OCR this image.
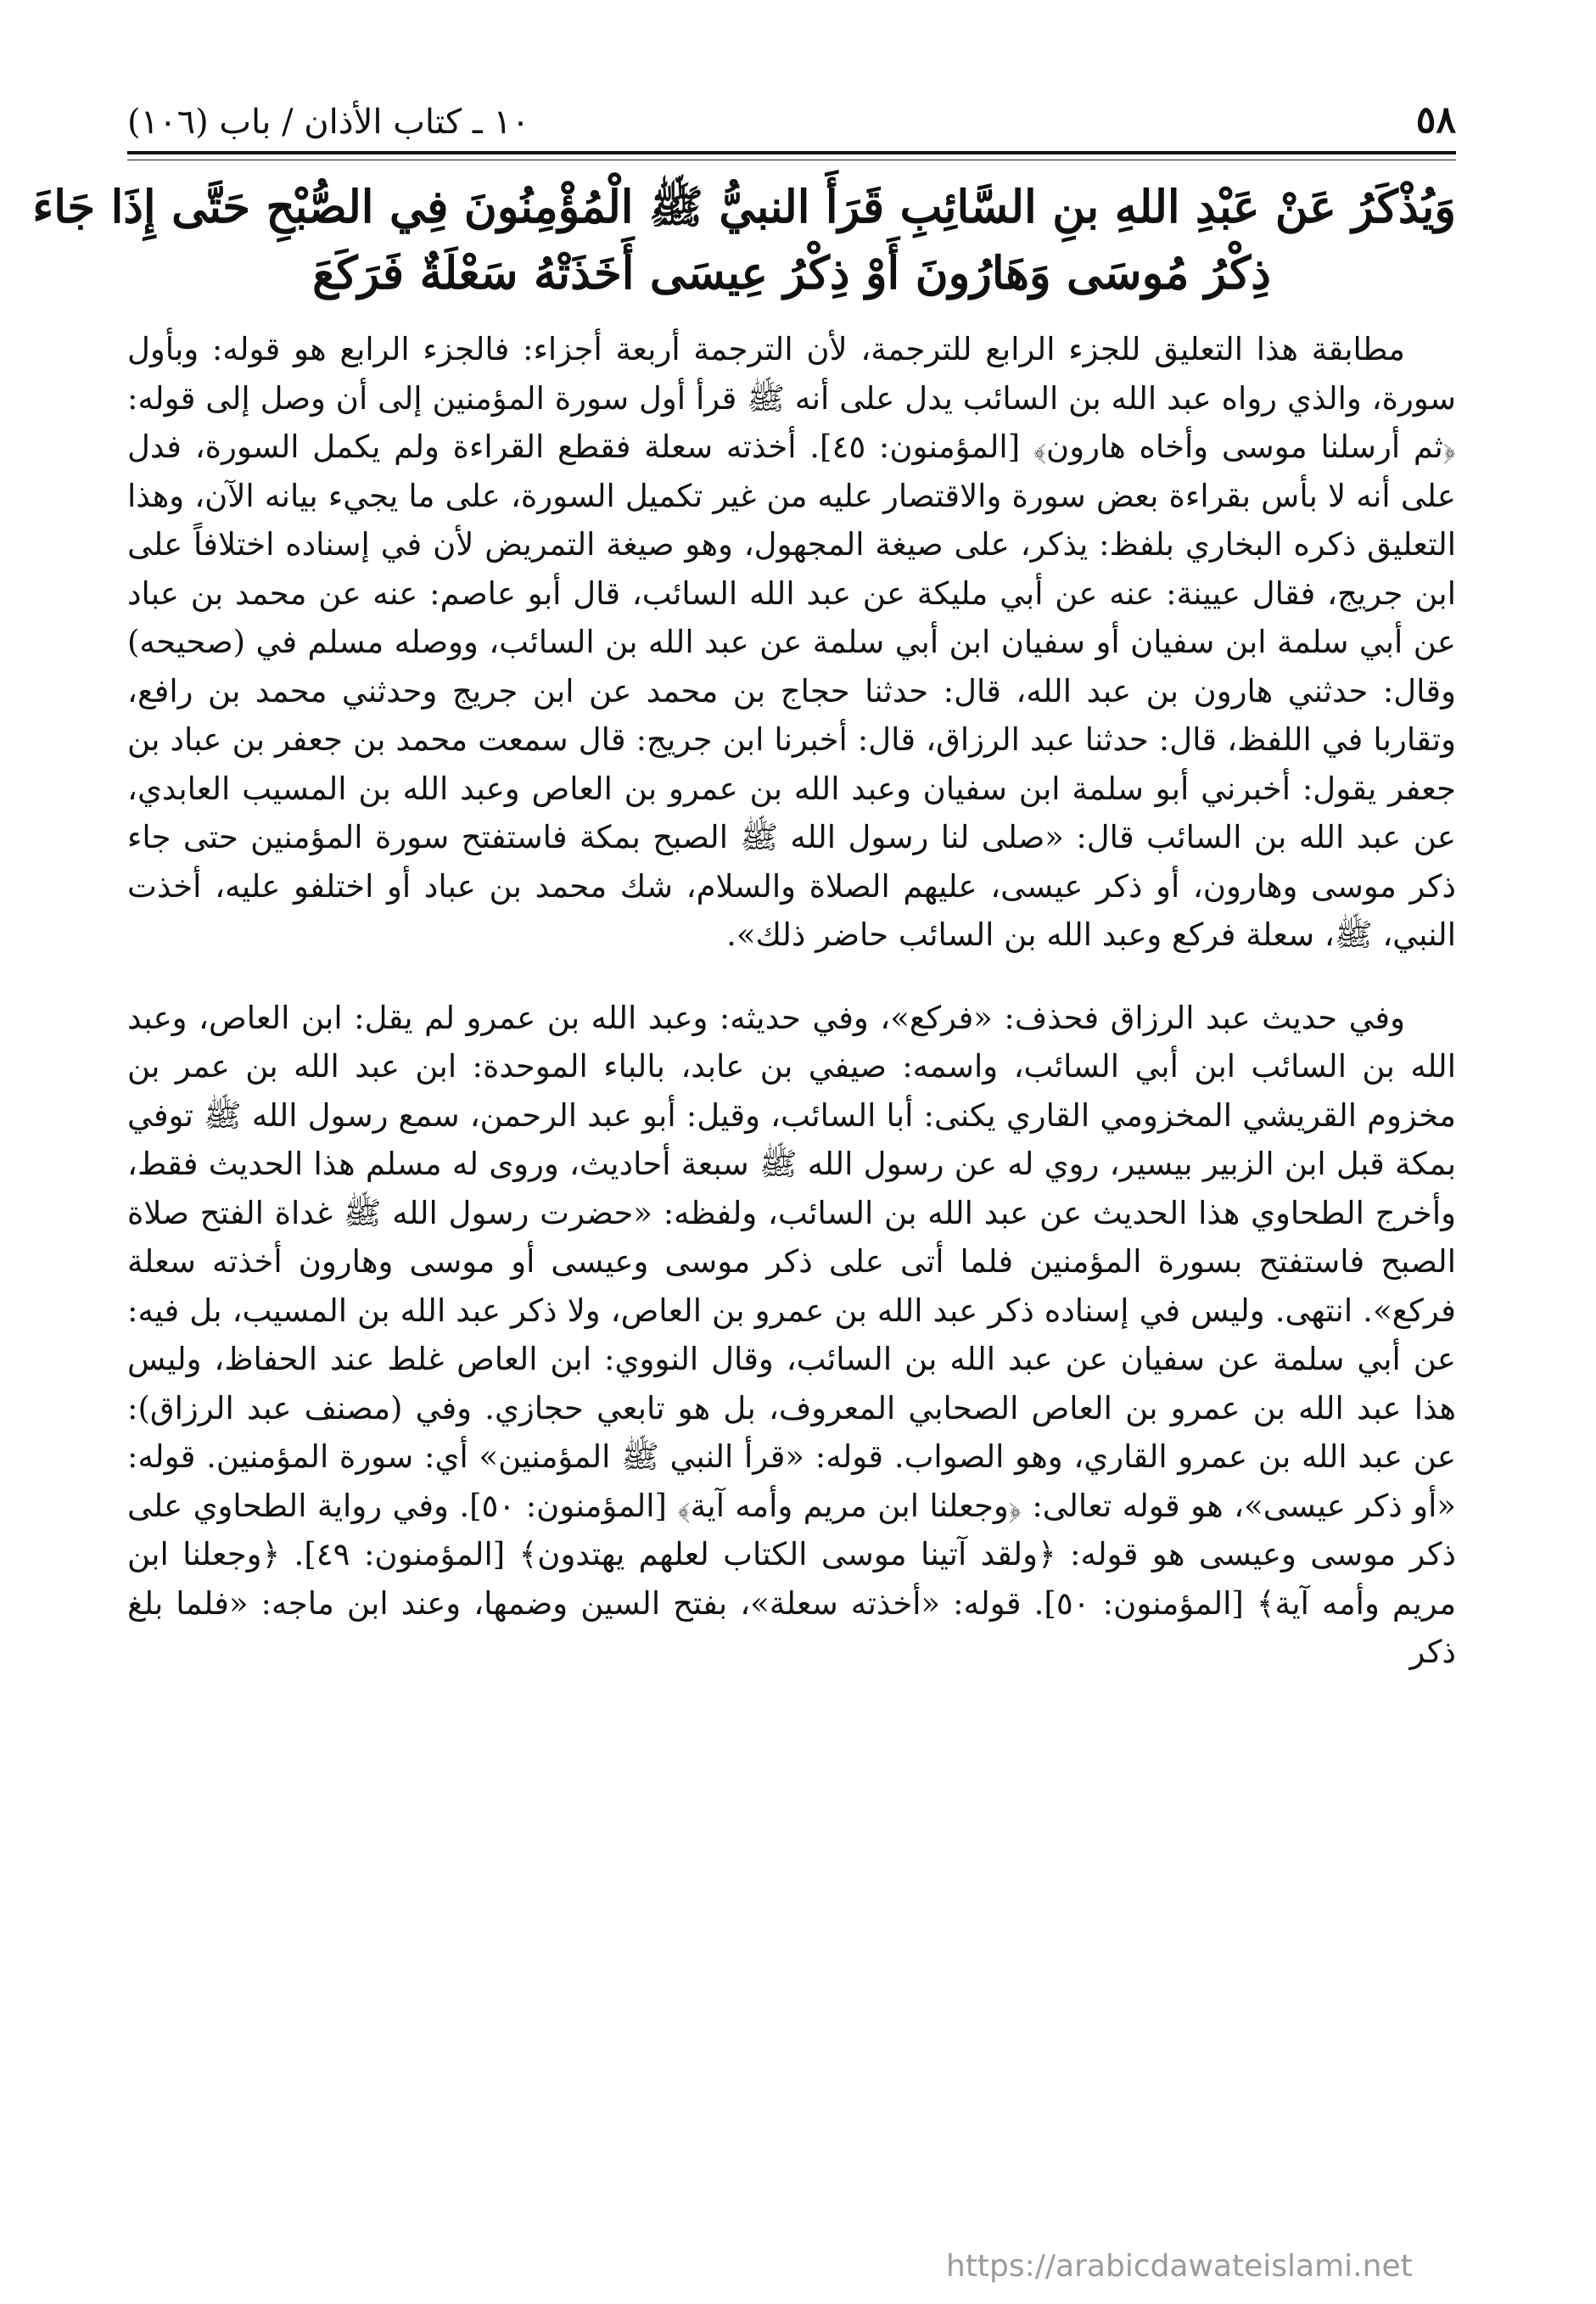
٥٨
١٠ ـ كتاب الأذان / باب (١٠٦)
وَيُذْكَرُ عَنْ عَبْدِ اللهِ بنِ السَّائِبِ قَرَأَ النبيُّ ﷺ الْمُؤْمِنُونَ فِي الصُّبْحِ حَتَّى إِذَا جَاءَ
ذِكْرُ مُوسَى وَهَارُونَ أَوْ ذِكْرُ عِيسَى أَخَذَتْهُ سَعْلَةٌ فَرَكَعَ

مطابقة هذا التعليق للجزء الرابع للترجمة، لأن الترجمة أربعة أجزاء: فالجزء الرابع هو قوله: وبأول سورة، والذي رواه عبد الله بن السائب يدل على أنه ﷺ قرأ أول سورة المؤمنين إلى أن وصل إلى قوله: ﴿ثم أرسلنا موسى وأخاه هارون﴾ [المؤمنون: ٤٥]. أخذته سعلة فقطع القراءة ولم يكمل السورة، فدل على أنه لا بأس بقراءة بعض سورة والاقتصار عليه من غير تكميل السورة، على ما يجيء بيانه الآن، وهذا التعليق ذكره البخاري بلفظ: يذكر، على صيغة المجهول، وهو صيغة التمريض لأن في إسناده اختلافاً على ابن جريج، فقال عيينة: عنه عن أبي مليكة عن عبد الله السائب، قال أبو عاصم: عنه عن محمد بن عباد عن أبي سلمة ابن سفيان أو سفيان ابن أبي سلمة عن عبد الله بن السائب، ووصله مسلم في (صحيحه) وقال: حدثني هارون بن عبد الله، قال: حدثنا حجاج بن محمد عن ابن جريج وحدثني محمد بن رافع، وتقاربا في اللفظ، قال: حدثنا عبد الرزاق، قال: أخبرنا ابن جريج: قال سمعت محمد بن جعفر بن عباد بن جعفر يقول: أخبرني أبو سلمة ابن سفيان وعبد الله بن عمرو بن العاص وعبد الله بن المسيب العابدي، عن عبد الله بن السائب قال: «صلى لنا رسول الله ﷺ الصبح بمكة فاستفتح سورة المؤمنين حتى جاء ذكر موسى وهارون، أو ذكر عيسى، عليهم الصلاة والسلام، شك محمد بن عباد أو اختلفو عليه، أخذت النبي، ﷺ، سعلة فركع وعبد الله بن السائب حاضر ذلك».

وفي حديث عبد الرزاق فحذف: «فركع»، وفي حديثه: وعبد الله بن عمرو لم يقل: ابن العاص، وعبد الله بن السائب ابن أبي السائب، واسمه: صيفي بن عابد، بالباء الموحدة: ابن عبد الله بن عمر بن مخزوم القريشي المخزومي القاري يكنى: أبا السائب، وقيل: أبو عبد الرحمن، سمع رسول الله ﷺ توفي بمكة قبل ابن الزبير بيسير، روي له عن رسول الله ﷺ سبعة أحاديث، وروى له مسلم هذا الحديث فقط، وأخرج الطحاوي هذا الحديث عن عبد الله بن السائب، ولفظه: «حضرت رسول الله ﷺ غداة الفتح صلاة الصبح فاستفتح بسورة المؤمنين فلما أتى على ذكر موسى وعيسى أو موسى وهارون أخذته سعلة فركع». انتهى. وليس في إسناده ذكر عبد الله بن عمرو بن العاص، ولا ذكر عبد الله بن المسيب، بل فيه: عن أبي سلمة عن سفيان عن عبد الله بن السائب، وقال النووي: ابن العاص غلط عند الحفاظ، وليس هذا عبد الله بن عمرو بن العاص الصحابي المعروف، بل هو تابعي حجازي. وفي (مصنف عبد الرزاق): عن عبد الله بن عمرو القاري، وهو الصواب. قوله: «قرأ النبي ﷺ المؤمنين» أي: سورة المؤمنين. قوله: «أو ذكر عيسى»، هو قوله تعالى: ﴿وجعلنا ابن مريم وأمه آية﴾ [المؤمنون: ٥٠]. وفي رواية الطحاوي على ذكر موسى وعيسى هو قوله: ﴿ولقد آتينا موسى الكتاب لعلهم يهتدون﴾ [المؤمنون: ٤٩]. ﴿وجعلنا ابن مريم وأمه آية﴾ [المؤمنون: ٥٠]. قوله: «أخذته سعلة»، بفتح السين وضمها، وعند ابن ماجه: «فلما بلغ ذكر

https://arabicdawateislami.net
